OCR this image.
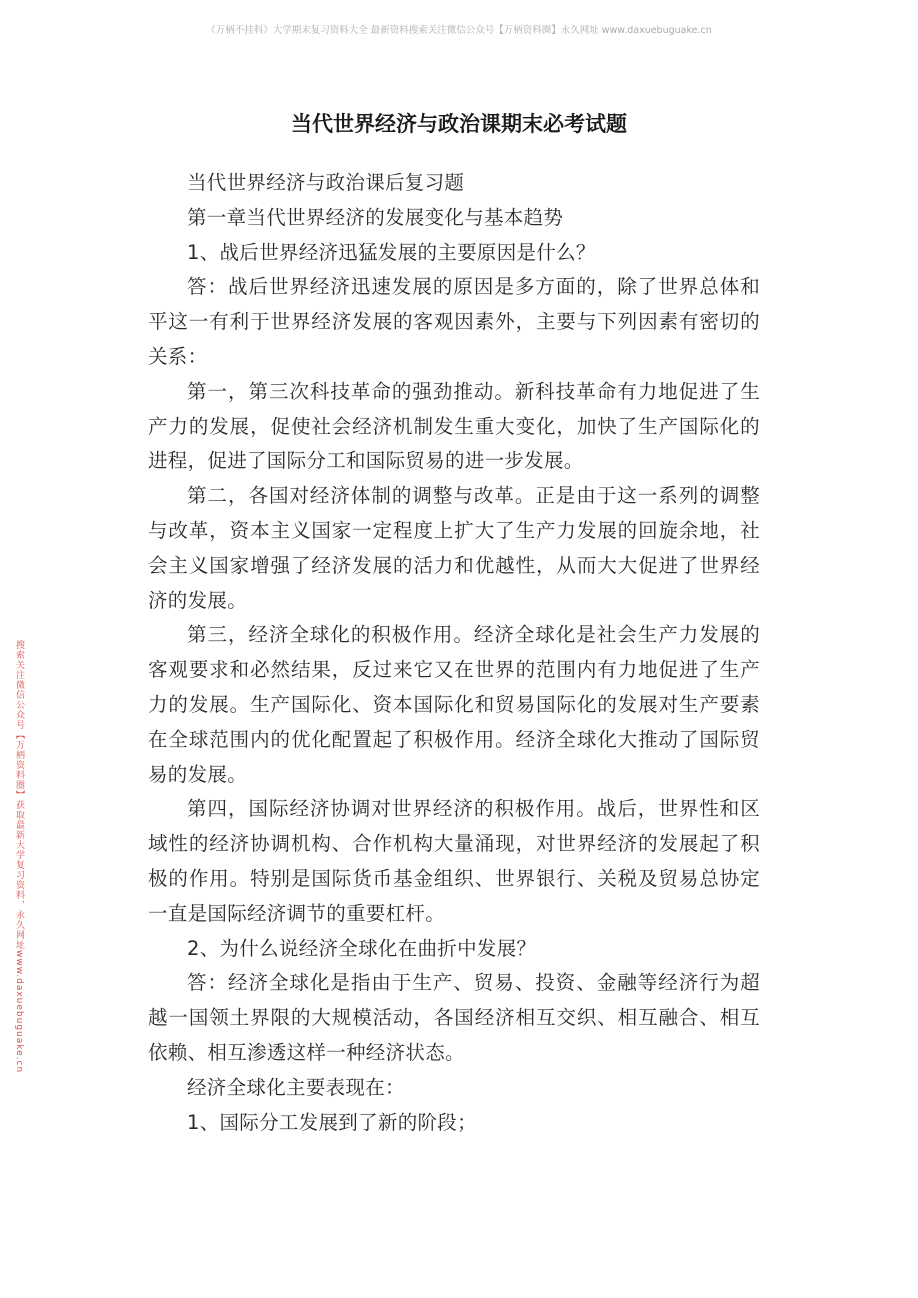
《万柄不挂科》大学期末复习资料大全 最新资料搜索关注微信公众号【万柄资料圈】永久网址 www.daxuebuguake.cn
搜索关注微信公众号【万柄资料圈】获取最新大学复习资料，永久网址www.daxuebuguake.cn
当代世界经济与政治课期末必考试题

当代世界经济与政治课后复习题

第一章当代世界经济的发展变化与基本趋势

1、战后世界经济迅猛发展的主要原因是什么？

答：战后世界经济迅速发展的原因是多方面的，除了世界总体和平这一有利于世界经济发展的客观因素外，主要与下列因素有密切的关系：

第一，第三次科技革命的强劲推动。新科技革命有力地促进了生产力的发展，促使社会经济机制发生重大变化，加快了生产国际化的进程，促进了国际分工和国际贸易的进一步发展。

第二，各国对经济体制的调整与改革。正是由于这一系列的调整与改革，资本主义国家一定程度上扩大了生产力发展的回旋余地，社会主义国家增强了经济发展的活力和优越性，从而大大促进了世界经济的发展。

第三，经济全球化的积极作用。经济全球化是社会生产力发展的客观要求和必然结果，反过来它又在世界的范围内有力地促进了生产力的发展。生产国际化、资本国际化和贸易国际化的发展对生产要素在全球范围内的优化配置起了积极作用。经济全球化大推动了国际贸易的发展。

第四，国际经济协调对世界经济的积极作用。战后，世界性和区域性的经济协调机构、合作机构大量涌现，对世界经济的发展起了积极的作用。特别是国际货币基金组织、世界银行、关税及贸易总协定一直是国际经济调节的重要杠杆。

2、为什么说经济全球化在曲折中发展？

答：经济全球化是指由于生产、贸易、投资、金融等经济行为超越一国领土界限的大规模活动，各国经济相互交织、相互融合、相互依赖、相互渗透这样一种经济状态。

经济全球化主要表现在：

1、国际分工发展到了新的阶段；
